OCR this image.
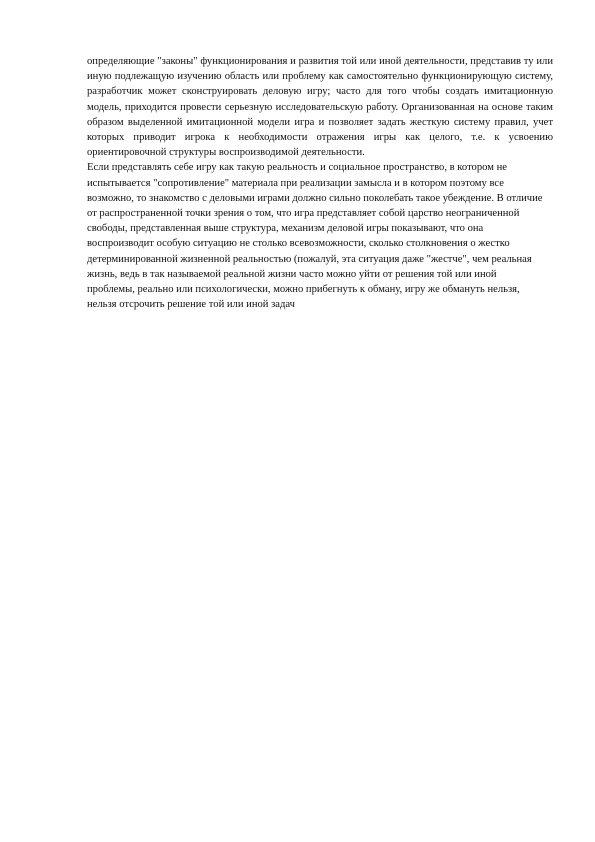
определяющие "законы" функционирования и развития той или иной деятельности, представив ту или иную подлежащую изучению область или проблему как самостоятельно функционирующую систему, разработчик может сконструировать деловую игру; часто для того чтобы создать имитационную модель, приходится провести серьезную исследовательскую работу. Организованная на основе таким образом выделенной имитационной модели игра и позволяет задать жесткую систему правил, учет которых приводит игрока к необходимости отражения игры как целого, т.е. к усвоению ориентировочной структуры воспроизводимой деятельности.

Если представлять себе игру как такую реальность и социальное пространство, в котором не испытывается "сопротивление" материала при реализации замысла и в котором поэтому все возможно, то знакомство с деловыми играми должно сильно поколебать такое убеждение. В отличие от распространенной точки зрения о том, что игра представляет собой царство неограниченной свободы, представленная выше структура, механизм деловой игры показывают, что она воспроизводит особую ситуацию не столько всевозможности, сколько столкновения о жестко детерминированной жизненной реальностью (пожалуй, эта ситуация даже "жестче", чем реальная жизнь, ведь в так называемой реальной жизни часто можно уйти от решения той или иной проблемы, реально или психологически, можно прибегнуть к обману, игру же обмануть нельзя, нельзя отсрочить решение той или иной задач
